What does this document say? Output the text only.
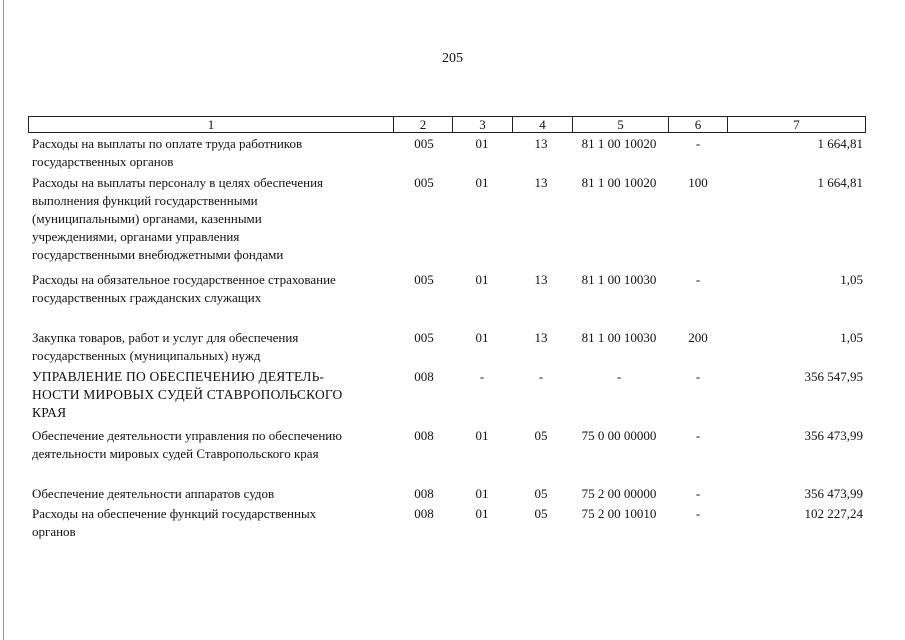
205
1	2	3	4	5	6	7
Расходы на выплаты по оплате труда работников
государственных органов
005	01	13	81 1 00 10020	-	1 664,81
Расходы на выплаты персоналу в целях обеспечения
выполнения функций государственными
(муниципальными) органами, казенными
учреждениями, органами управления
государственными внебюджетными фондами
005	01	13	81 1 00 10020	100	1 664,81
Расходы на обязательное государственное страхование
государственных гражданских служащих
005	01	13	81 1 00 10030	-	1,05
Закупка товаров, работ и услуг для обеспечения
государственных (муниципальных) нужд
005	01	13	81 1 00 10030	200	1,05
УПРАВЛЕНИЕ ПО ОБЕСПЕЧЕНИЮ ДЕЯТЕЛЬ-
НОСТИ МИРОВЫХ СУДЕЙ СТАВРОПОЛЬСКОГО
КРАЯ
008	-	-	-	-	356 547,95
Обеспечение деятельности управления по обеспечению
деятельности мировых судей Ставропольского края
008	01	05	75 0 00 00000	-	356 473,99
Обеспечение деятельности аппаратов судов	008	01	05	75 2 00 00000	-	356 473,99
Расходы на обеспечение функций государственных
органов
008	01	05	75 2 00 10010	-	102 227,24
